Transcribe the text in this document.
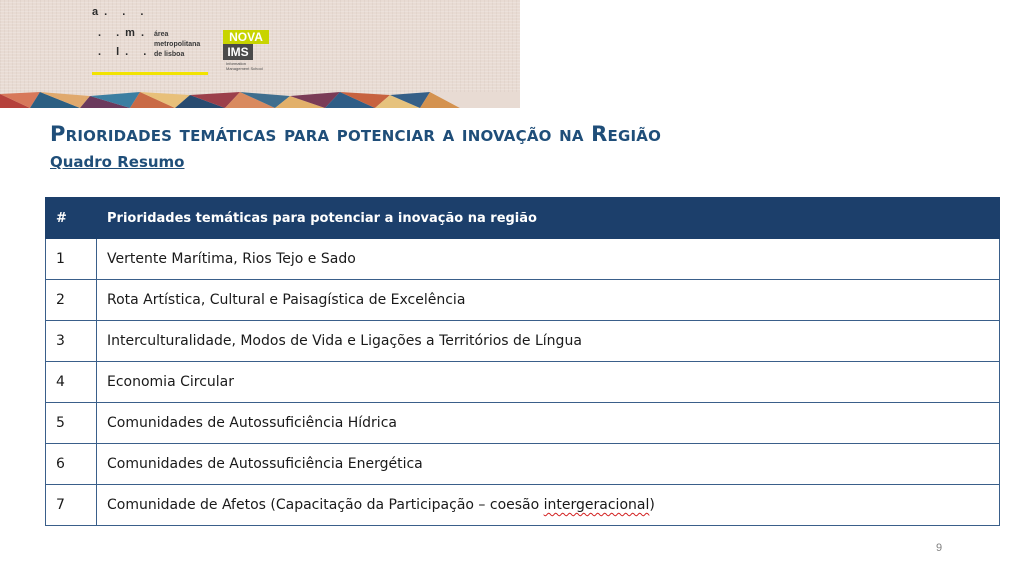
a. . .
. .m.
. l. .
área
metropolitana
de lisboa
NOVA
IMS
Information Management School
Prioridades temáticas para potenciar a inovação na Região
Quadro Resumo
#	Prioridades temáticas para potenciar a inovação na região
1	Vertente Marítima, Rios Tejo e Sado
2	Rota Artística, Cultural e Paisagística de Excelência
3	Interculturalidade, Modos de Vida e Ligações a Territórios de Língua
4	Economia Circular
5	Comunidades de Autossuficiência Hídrica
6	Comunidades de Autossuficiência Energética
7	Comunidade de Afetos (Capacitação da Participação – coesão intergeracional)
9
